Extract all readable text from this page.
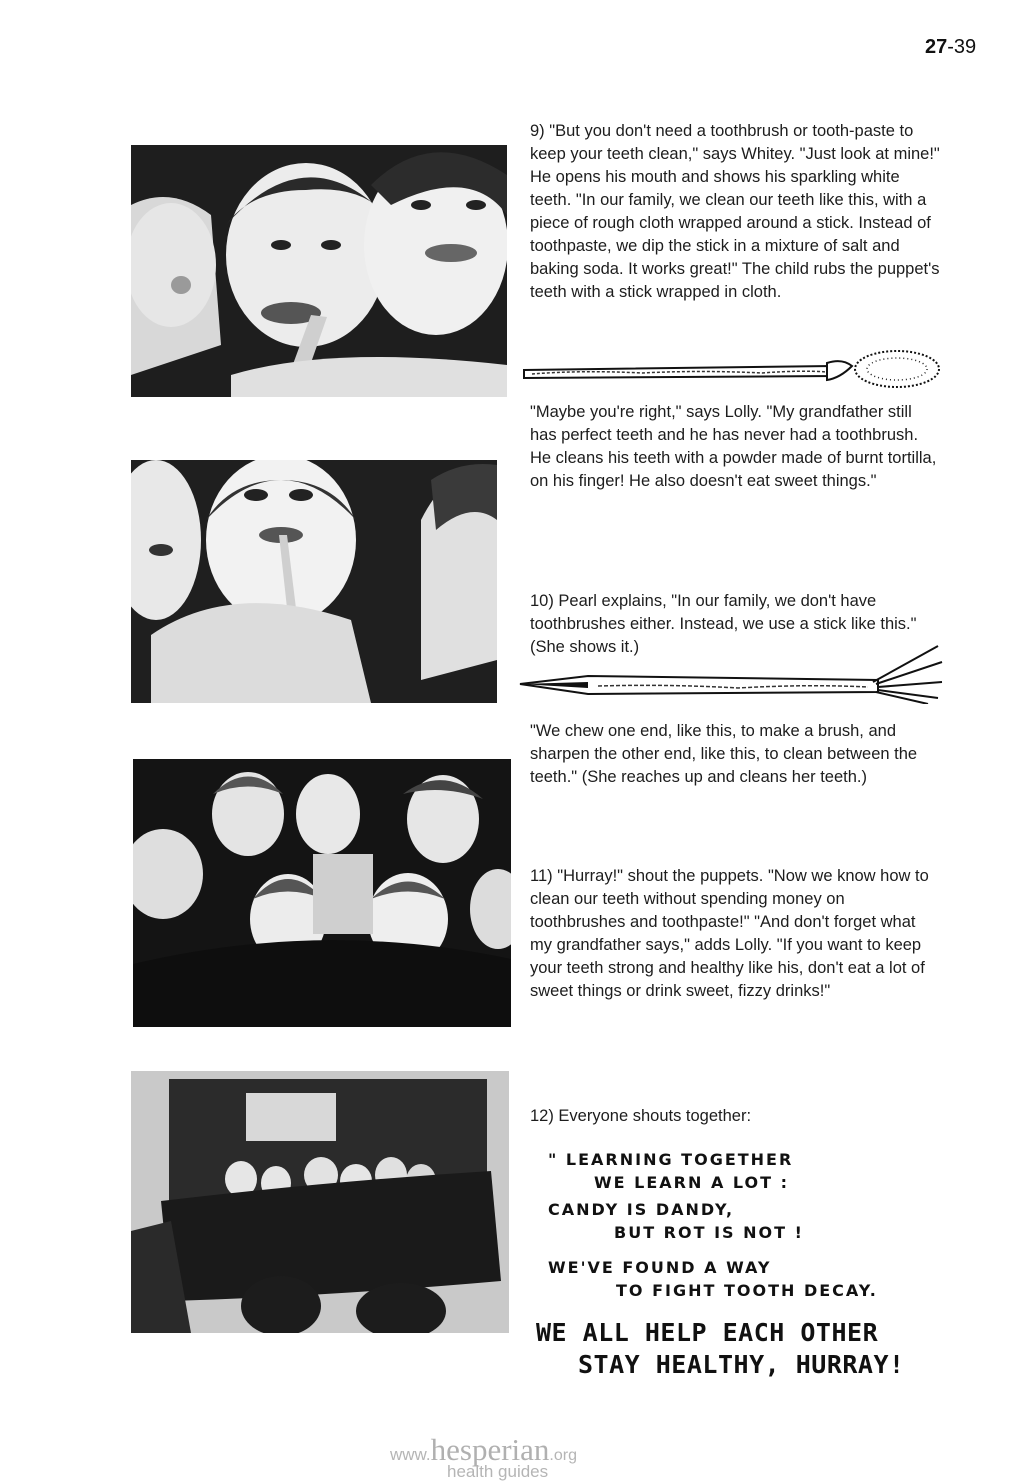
27-39

9) "But you don't need a toothbrush or tooth-paste to keep your teeth clean," says Whitey. "Just look at mine!" He opens his mouth and shows his sparkling white teeth. "In our family, we clean our teeth like this, with a piece of rough cloth wrapped around a stick. Instead of toothpaste, we dip the stick in a mixture of salt and baking soda. It works great!" The child rubs the puppet's teeth with a stick wrapped in cloth.

"Maybe you're right," says Lolly. "My grandfather still has perfect teeth and he has never had a toothbrush. He cleans his teeth with a powder made of burnt tortilla, on his finger! He also doesn't eat sweet things."

10) Pearl explains, "In our family, we don't have toothbrushes either. Instead, we use a stick like this." (She shows it.)

"We chew one end, like this, to make a brush, and sharpen the other end, like this, to clean between the teeth." (She reaches up and cleans her teeth.)

11) "Hurray!" shout the puppets. "Now we know how to clean our teeth without spending money on toothbrushes and toothpaste!" "And don't forget what my grandfather says," adds Lolly. "If you want to keep your teeth strong and healthy like his, don't eat a lot of sweet things or drink sweet, fizzy drinks!"

12) Everyone shouts together:

" LEARNING TOGETHER
WE LEARN A LOT :
CANDY IS DANDY,
BUT ROT IS NOT !
WE'VE FOUND A WAY
TO FIGHT TOOTH DECAY.
WE ALL HELP EACH OTHER
STAY HEALTHY, HURRAY!
www.hesperian.org
health guides
